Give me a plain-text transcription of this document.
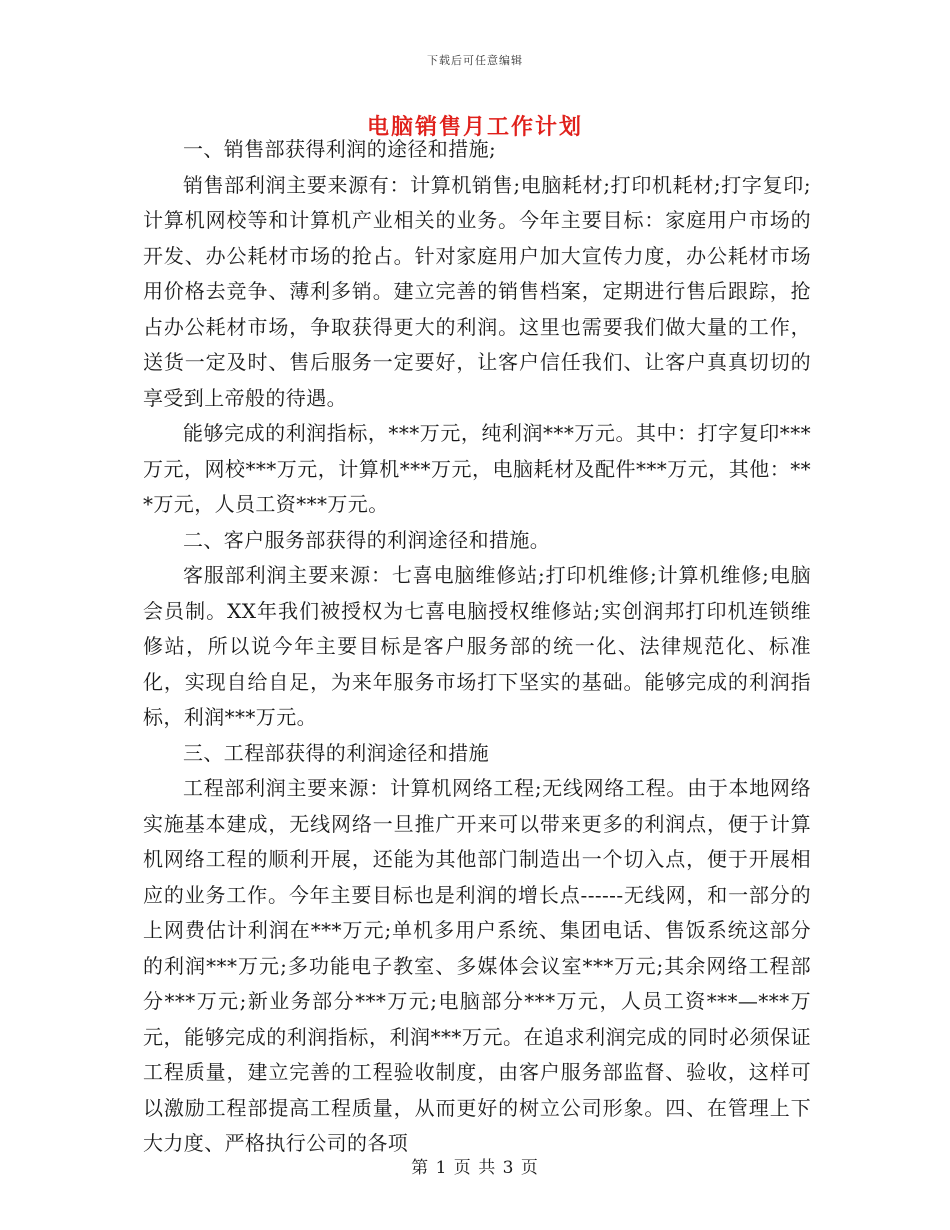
下载后可任意编辑
电脑销售月工作计划

一、销售部获得利润的途径和措施;

销售部利润主要来源有：计算机销售;电脑耗材;打印机耗材;打字复印;计算机网校等和计算机产业相关的业务。今年主要目标：家庭用户市场的开发、办公耗材市场的抢占。针对家庭用户加大宣传力度，办公耗材市场用价格去竞争、薄利多销。建立完善的销售档案，定期进行售后跟踪，抢占办公耗材市场，争取获得更大的利润。这里也需要我们做大量的工作，送货一定及时、售后服务一定要好，让客户信任我们、让客户真真切切的享受到上帝般的待遇。

能够完成的利润指标，***万元，纯利润***万元。其中：打字复印***万元，网校***万元，计算机***万元，电脑耗材及配件***万元，其他：***万元，人员工资***万元。

二、客户服务部获得的利润途径和措施。

客服部利润主要来源：七喜电脑维修站;打印机维修;计算机维修;电脑会员制。XX年我们被授权为七喜电脑授权维修站;实创润邦打印机连锁维修站，所以说今年主要目标是客户服务部的统一化、法律规范化、标准化，实现自给自足，为来年服务市场打下坚实的基础。能够完成的利润指标，利润***万元。

三、工程部获得的利润途径和措施

工程部利润主要来源：计算机网络工程;无线网络工程。由于本地网络实施基本建成，无线网络一旦推广开来可以带来更多的利润点，便于计算机网络工程的顺利开展，还能为其他部门制造出一个切入点，便于开展相应的业务工作。今年主要目标也是利润的增长点------无线网，和一部分的上网费估计利润在***万元;单机多用户系统、集团电话、售饭系统这部分的利润***万元;多功能电子教室、多媒体会议室***万元;其余网络工程部分***万元;新业务部分***万元;电脑部分***万元，人员工资***—***万元，能够完成的利润指标，利润***万元。在追求利润完成的同时必须保证工程质量，建立完善的工程验收制度，由客户服务部监督、验收，这样可以激励工程部提高工程质量，从而更好的树立公司形象。四、在管理上下大力度、严格执行公司的各项

第 1 页 共 3 页
